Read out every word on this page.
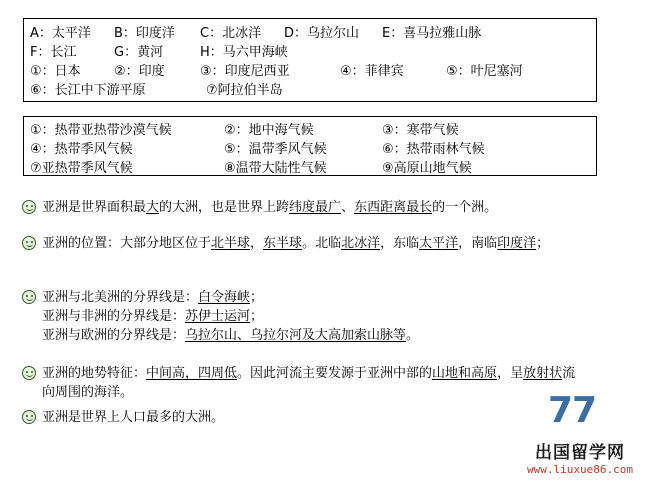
A：太平洋 B：印度洋 C：北冰洋 D：乌拉尔山 E：喜马拉雅山脉
F：长江	G：黄河	H：马六甲海峡
①：日本	②：印度	③：印度尼西亚	④：菲律宾	⑤：叶尼塞河
⑥：长江中下游平原	⑦阿拉伯半岛
①：热带亚热带沙漠气候	②：地中海气候	③：寒带气候
④：热带季风气候	⑤：温带季风气候	⑥：热带雨林气候
⑦亚热带季风气候	⑧温带大陆性气候	⑨高原山地气候
亚洲是世界面积最大的大洲，也是世界上跨纬度最广、东西距离最长的一个洲。
亚洲的位置：大部分地区位于北半球，东半球。北临北冰洋，东临太平洋，南临印度洋；
亚洲与北美洲的分界线是：白令海峡；
亚洲与非洲的分界线是：苏伊士运河；
亚洲与欧洲的分界线是：乌拉尔山、乌拉尔河及大高加索山脉等。
亚洲的地势特征：中间高，四周低。因此河流主要发源于亚洲中部的山地和高原，呈放射状流向周围的海洋。
亚洲是世界上人口最多的大洲。	77
出国留学网
www.liuxue86.com
